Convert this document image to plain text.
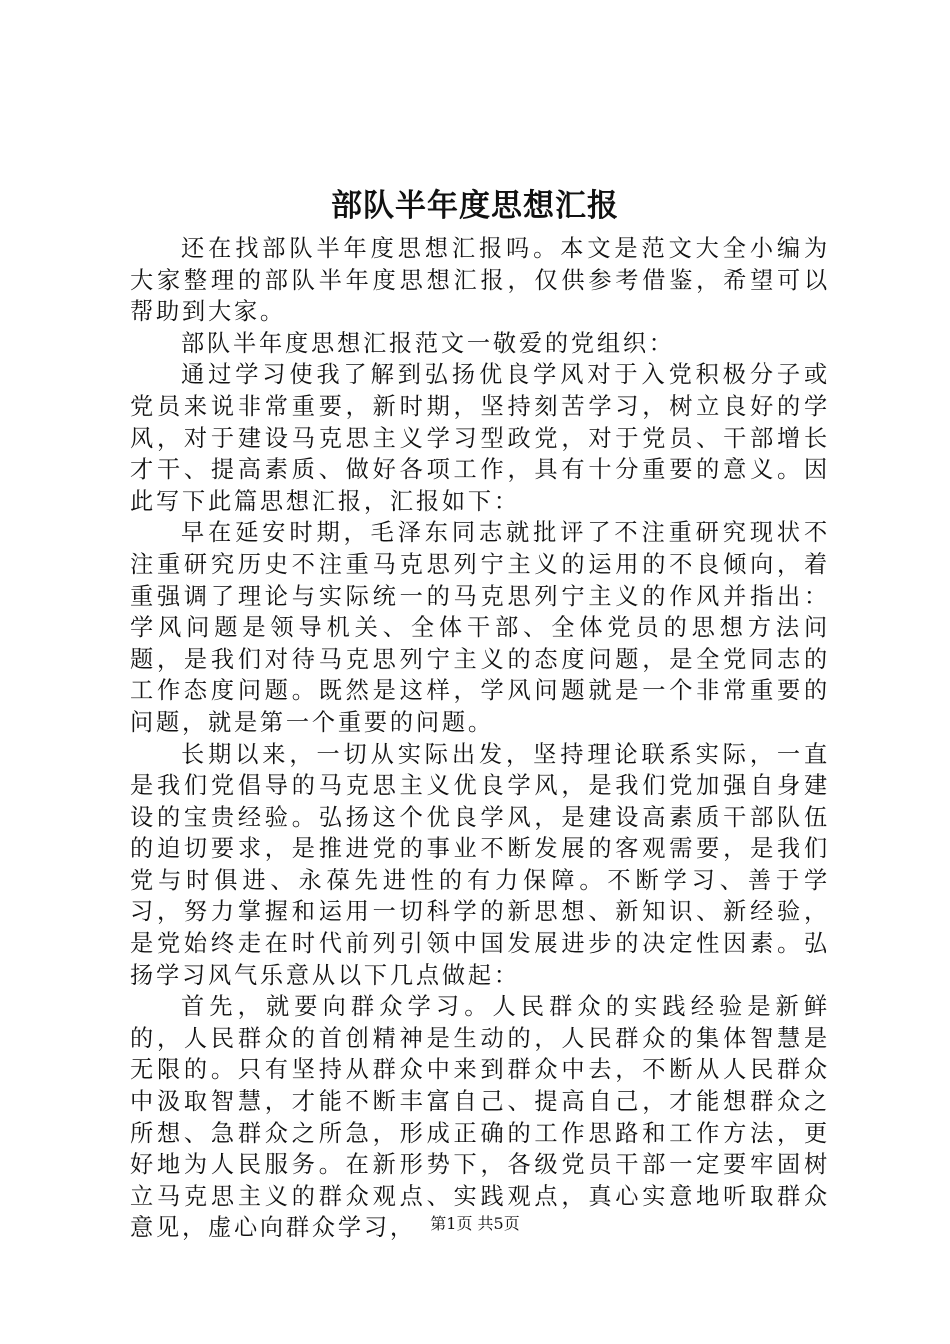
部队半年度思想汇报

还在找部队半年度思想汇报吗。本文是范文大全小编为大家整理的部队半年度思想汇报，仅供参考借鉴，希望可以帮助到大家。

部队半年度思想汇报范文一敬爱的党组织：

通过学习使我了解到弘扬优良学风对于入党积极分子或党员来说非常重要，新时期，坚持刻苦学习，树立良好的学风，对于建设马克思主义学习型政党，对于党员、干部增长才干、提高素质、做好各项工作，具有十分重要的意义。因此写下此篇思想汇报，汇报如下：

早在延安时期，毛泽东同志就批评了不注重研究现状不注重研究历史不注重马克思列宁主义的运用的不良倾向，着重强调了理论与实际统一的马克思列宁主义的作风并指出：学风问题是领导机关、全体干部、全体党员的思想方法问题，是我们对待马克思列宁主义的态度问题，是全党同志的工作态度问题。既然是这样，学风问题就是一个非常重要的问题，就是第一个重要的问题。

长期以来，一切从实际出发，坚持理论联系实际，一直是我们党倡导的马克思主义优良学风，是我们党加强自身建设的宝贵经验。弘扬这个优良学风，是建设高素质干部队伍的迫切要求，是推进党的事业不断发展的客观需要，是我们党与时俱进、永葆先进性的有力保障。不断学习、善于学习，努力掌握和运用一切科学的新思想、新知识、新经验，是党始终走在时代前列引领中国发展进步的决定性因素。弘扬学习风气乐意从以下几点做起：

首先，就要向群众学习。人民群众的实践经验是新鲜的，人民群众的首创精神是生动的，人民群众的集体智慧是无限的。只有坚持从群众中来到群众中去，不断从人民群众中汲取智慧，才能不断丰富自己、提高自己，才能想群众之所想、急群众之所急，形成正确的工作思路和工作方法，更好地为人民服务。在新形势下，各级党员干部一定要牢固树立马克思主义的群众观点、实践观点，真心实意地听取群众意见，虚心向群众学习， 第1页 共5页
